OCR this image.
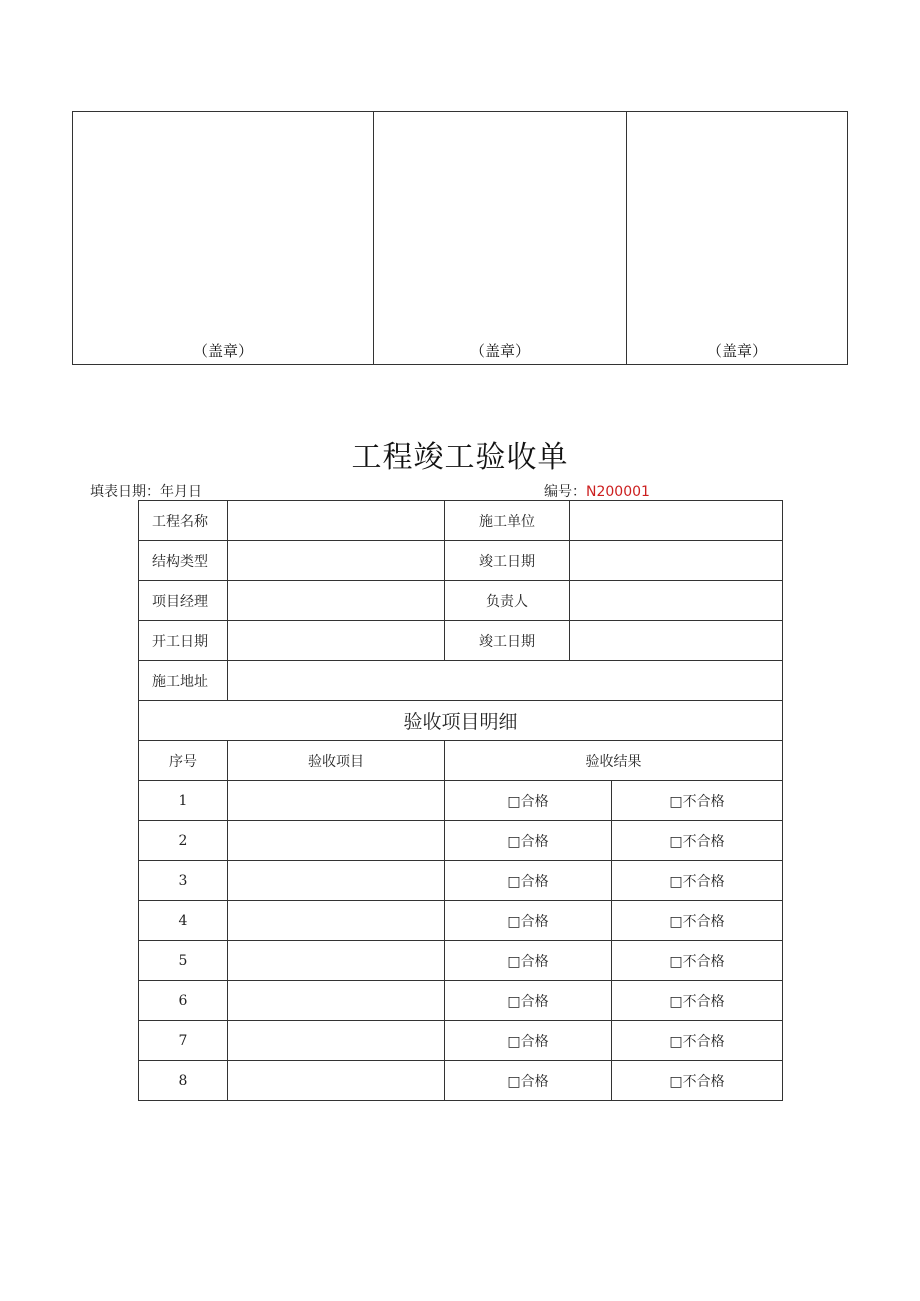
（盖章）	（盖章）	（盖章）
工程竣工验收单
填表日期：年月日	编号：N200001
工程名称		施工单位		
结构类型		竣工日期		
项目经理		负责人		
开工日期		竣工日期		
施工地址				
验收项目明细				
序号	验收项目	验收结果		
1		□合格		□不合格
2		□合格		□不合格
3		□合格		□不合格
4		□合格		□不合格
5		□合格		□不合格
6		□合格		□不合格
7		□合格		□不合格
8		□合格		□不合格
